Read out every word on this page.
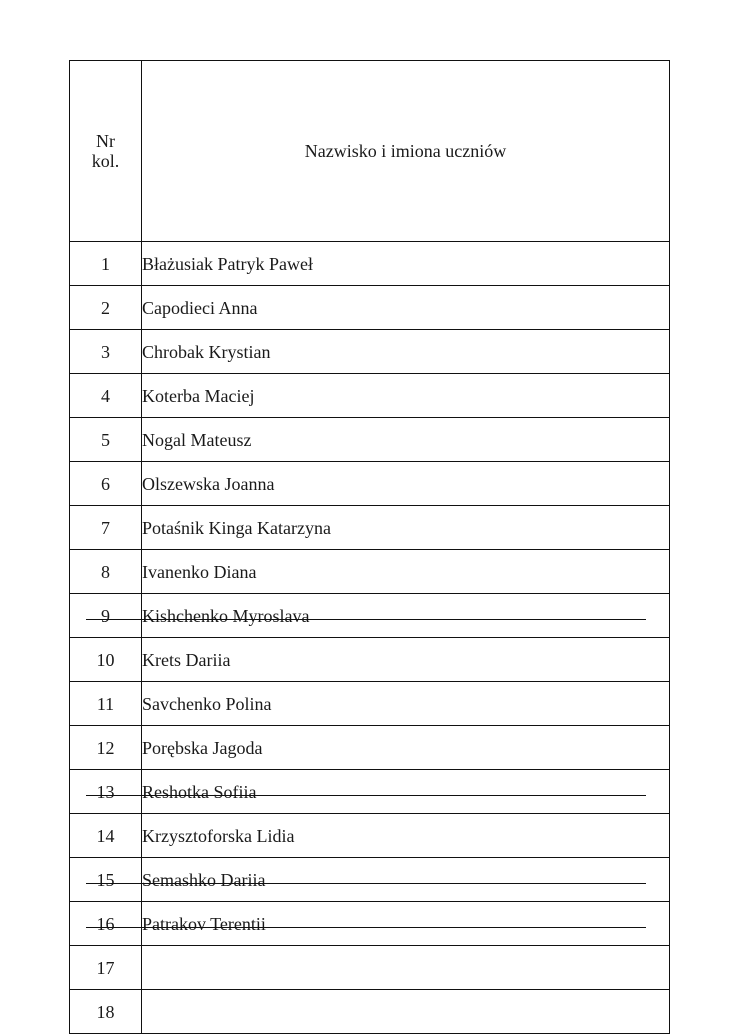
Nr
kol.	Nazwisko i imiona uczniów
1	Błażusiak Patryk Paweł
2	Capodieci Anna
3	Chrobak Krystian
4	Koterba Maciej
5	Nogal Mateusz
6	Olszewska Joanna
7	Potaśnik Kinga Katarzyna
8	Ivanenko Diana
9	Kishchenko Myroslava
10	Krets Dariia
11	Savchenko Polina
12	Porębska Jagoda
13	Reshotka Sofiia
14	Krzysztoforska Lidia
15	Semashko Dariia
16	Patrakov Terentii
17	
18	
